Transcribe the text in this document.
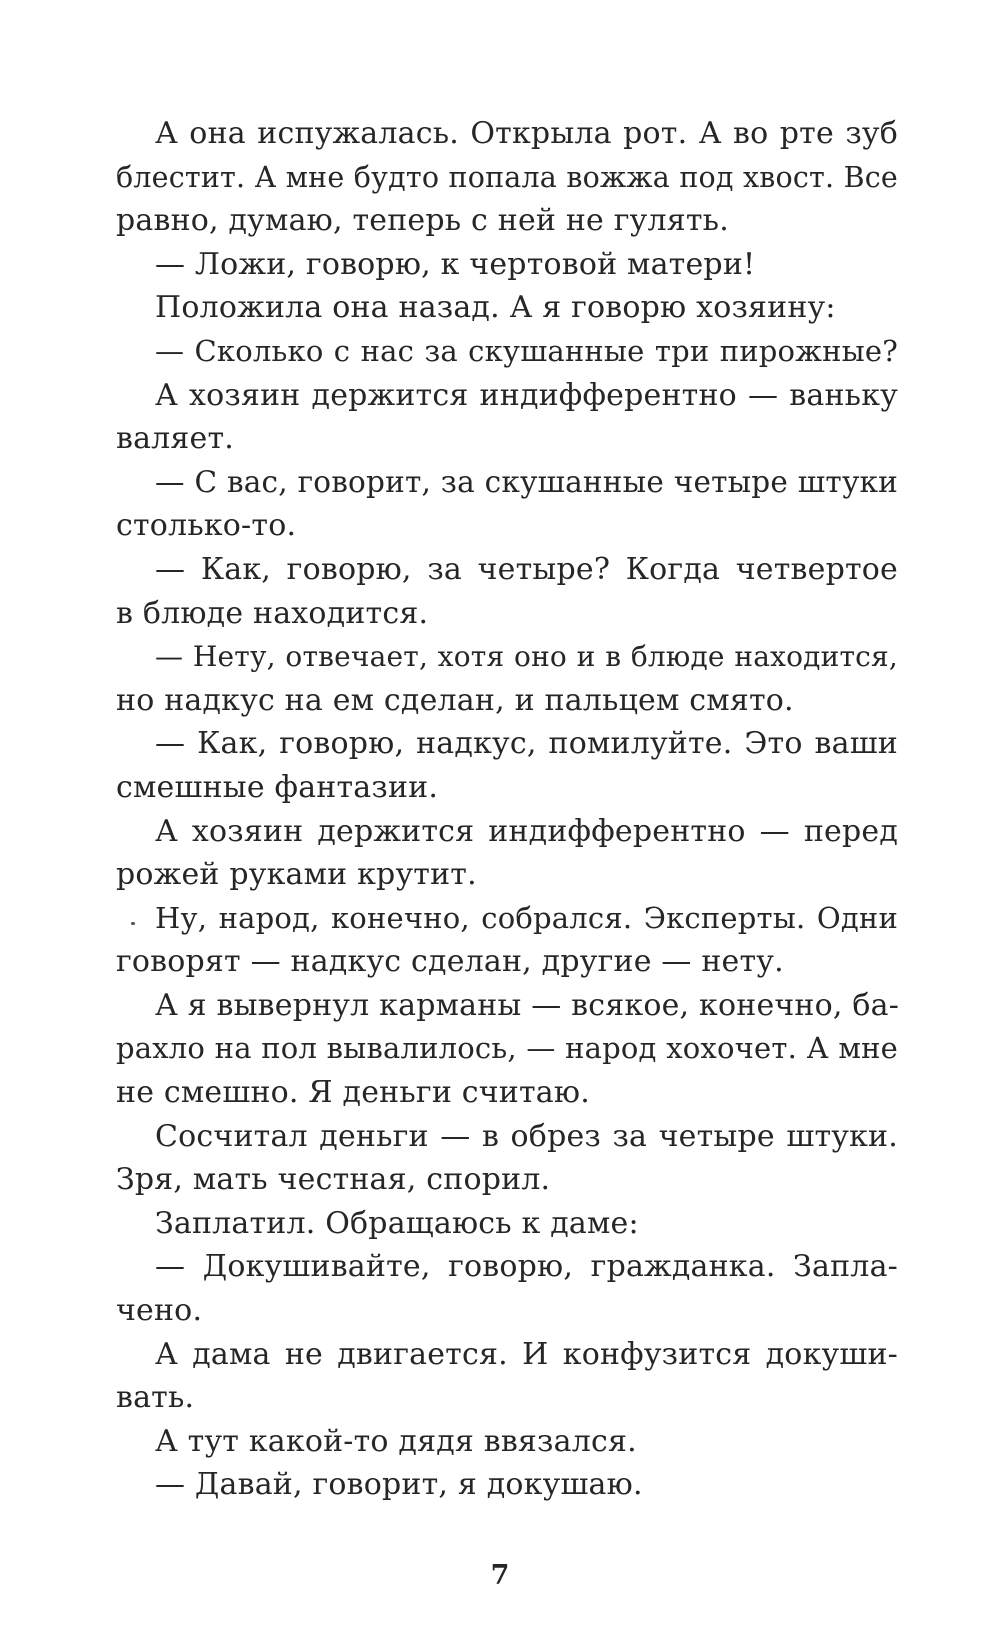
А она испужалась. Открыла рот. А во рте зуб
блестит. А мне будто попала вожжа под хвост. Все
равно, думаю, теперь с ней не гулять.
— Ложи, говорю, к чертовой матери!
Положила она назад. А я говорю хозяину:
— Сколько с нас за скушанные три пирожные?
А хозяин держится индифферентно — ваньку
валяет.
— С вас, говорит, за скушанные четыре штуки
столько-то.
— Как, говорю, за четыре? Когда четвертое
в блюде находится.
— Нету, отвечает, хотя оно и в блюде находится,
но надкус на ем сделан, и пальцем смято.
— Как, говорю, надкус, помилуйте. Это ваши
смешные фантазии.
А хозяин держится индифферентно — перед
рожей руками крутит.
Ну, народ, конечно, собрался. Эксперты. Одни
говорят — надкус сделан, другие — нету.
А я вывернул карманы — всякое, конечно, ба-
рахло на пол вывалилось, — народ хохочет. А мне
не смешно. Я деньги считаю.
Сосчитал деньги — в обрез за четыре штуки.
Зря, мать честная, спорил.
Заплатил. Обращаюсь к даме:
— Докушивайте, говорю, гражданка. Запла-
чено.
А дама не двигается. И конфузится докуши-
вать.
А тут какой-то дядя ввязался.
— Давай, говорит, я докушаю.
7
